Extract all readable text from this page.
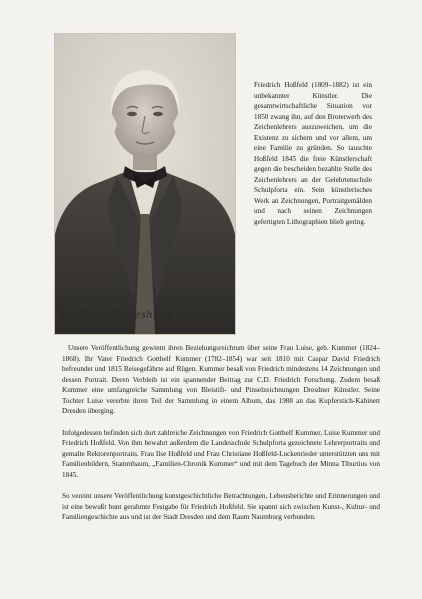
Hoßfeld, Rüdesheim
Friedrich Hoßfeld (1809–1882) ist ein unbekannter Künstler. Die gesamtwirtschaftliche Situation vor 1850 zwang ihn, auf den Broterwerb des Zeichenlehrers auszuweichen, um die Existenz zu sichern und vor allem, um eine Familie zu gründen. So tauschte Hoßfeld 1845 die freie Künstlerschaft gegen die bescheiden bezahlte Stelle des Zeichenlehrers an der Gelehrtenschule Schulpforta ein. Sein künstlerisches Werk an Zeichnungen, Portraitgemälden und nach seinen Zeichnungen gefertigten Lithographien blieb gering.

Unsere Veröffentlichung gewinnt ihren Beziehungsreichtum über seine Frau Luise, geb. Kummer (1824–1868). Ihr Vater Friedrich Gotthelf Kummer (1782–1854) war seit 1810 mit Caspar David Friedrich befreundet und 1815 Reisegefährte auf Rügen. Kummer besaß von Friedrich mindestens 14 Zeichnungen und dessen Portrait. Deren Verbleib ist ein spannender Beitrag zur C.D. Friedrich Forschung. Zudem besaß Kummer eine umfangreiche Sammlung von Bleistift- und Pinselzeichnungen Dresdner Künstler. Seine Tochter Luise vererbte ihren Teil der Sammlung in einem Album, das 1988 an das Kupferstich-Kabinett Dresden überging.

Infolgedessen befinden sich dort zahlreiche Zeichnungen von Friedrich Gotthelf Kummer, Luise Kummer und Friedrich Hoßfeld. Von ihm bewahrt außerdem die Landesschule Schulpforta gezeichnete Lehrerportraits und gemalte Rektorenportraits. Frau Ilse Hoßfeld und Frau Christiane Hoßfeld-Luckenrieder unterstützten uns mit Familienbildern, Stammbaum, „Familien-Chronik Kummer“ und mit dem Tagebuch der Minna Tiburtius von 1845.

So vereint unsere Veröffentlichung kunstgeschichtliche Betrachtungen, Lebensberichte und Erinnerungen und ist eine bewußt bunt gerahmte Festgabe für Friedrich Hoßfeld. Sie spannt sich zwischen Kunst-, Kultur- und Familiengeschichte aus und ist der Stadt Dresden und dem Raum Naumburg verbunden.
